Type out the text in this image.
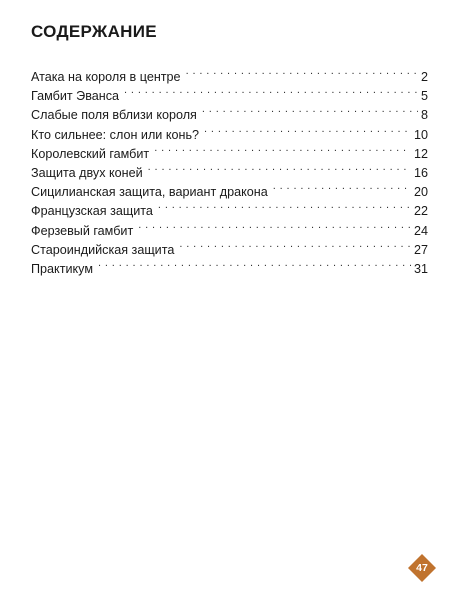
СОДЕРЖАНИЕ
Атака на короля в центре . . .	2
Гамбит Эванса . . .	5
Слабые поля вблизи короля . . .	8
Кто сильнее: слон или конь? . . .	10
Королевский гамбит . . .	12
Защита двух коней . . .	16
Сицилианская защита, вариант дракона . . .	20
Французская защита . . .	22
Ферзевый гамбит . . .	24
Староиндийская защита . . .	27
Практикум . . .	31
47
